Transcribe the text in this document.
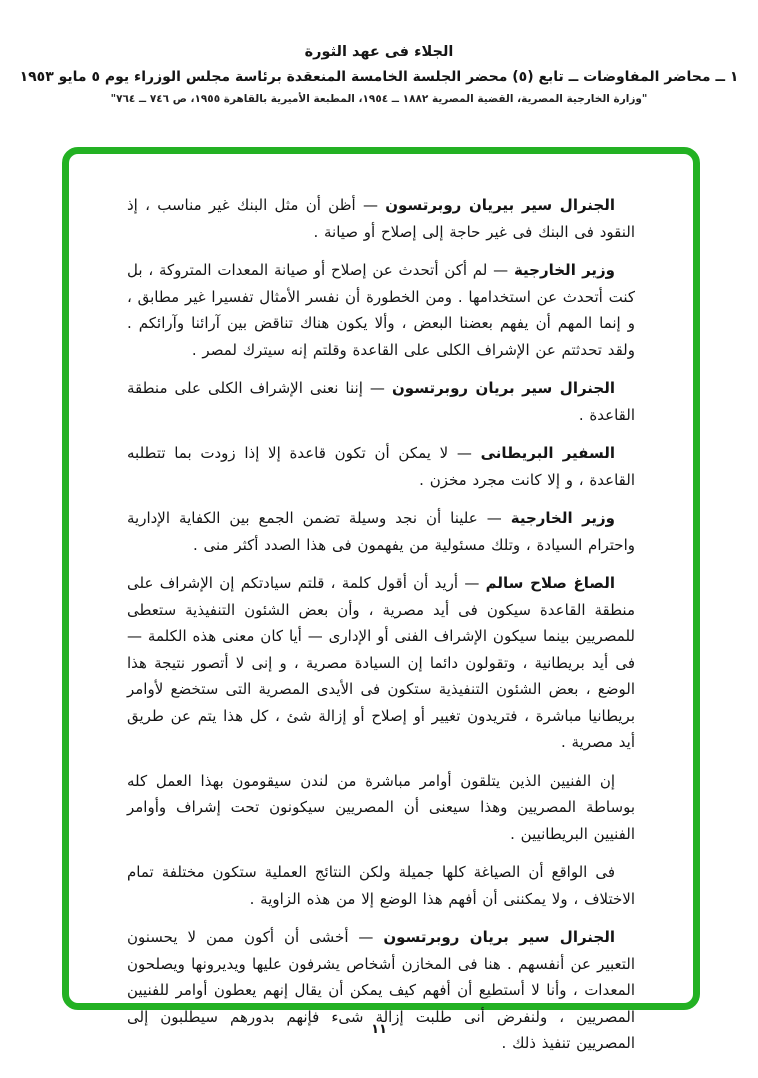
الجلاء فى عهد الثورة

١ ــ محاضر المفاوضات ــ تابع (٥) محضر الجلسة الخامسة المنعقدة برئاسة مجلس الوزراء يوم ٥ مايو ١٩٥٣

"وزارة الخارجية المصرية، القضية المصرية ١٨٨٢ ــ ١٩٥٤، المطبعة الأميرية بالقاهرة ١٩٥٥، ص ٧٤٦ ــ ٧٦٤"

الجنرال سير بيريان روبرتسون — أظن أن مثل البنك غير مناسب ، إذ النقود فى البنك فى غير حاجة إلى إصلاح أو صيانة .

وزير الخارجية — لم أكن أتحدث عن إصلاح أو صيانة المعدات المتروكة ، بل كنت أتحدث عن استخدامها . ومن الخطورة أن نفسر الأمثال تفسيرا غير مطابق ، و إنما المهم أن يفهم بعضنا البعض ، وألا يكون هناك تناقض بين آرائنا وآرائكم . ولقد تحدثتم عن الإشراف الكلى على القاعدة وقلتم إنه سيترك لمصر .

الجنرال سير بريان روبرتسون — إننا نعنى الإشراف الكلى على منطقة القاعدة .

السفير البريطانى — لا يمكن أن تكون قاعدة إلا إذا زودت بما تتطلبه القاعدة ، و إلا كانت مجرد مخزن .

وزير الخارجية — علينا أن نجد وسيلة تضمن الجمع بين الكفاية الإدارية واحترام السيادة ، وتلك مسئولية من يفهمون فى هذا الصدد أكثر منى .

الصاغ صلاح سالم — أريد أن أقول كلمة ، قلتم سيادتكم إن الإشراف على منطقة القاعدة سيكون فى أيد مصرية ، وأن بعض الشئون التنفيذية ستعطى للمصريين بينما سيكون الإشراف الفنى أو الإدارى — أيا كان معنى هذه الكلمة — فى أيد بريطانية ، وتقولون دائما إن السيادة مصرية ، و إنى لا أتصور نتيجة هذا الوضع ، بعض الشئون التنفيذية ستكون فى الأيدى المصرية التى ستخضع لأوامر بريطانيا مباشرة ، فتريدون تغيير أو إصلاح أو إزالة شئ ، كل هذا يتم عن طريق أيد مصرية .

إن الفنيين الذين يتلقون أوامر مباشرة من لندن سيقومون بهذا العمل كله بوساطة المصريين وهذا سيعنى أن المصريين سيكونون تحت إشراف وأوامر الفنيين البريطانيين .

فى الواقع أن الصياغة كلها جميلة ولكن النتائج العملية ستكون مختلفة تمام الاختلاف ، ولا يمكننى أن أفهم هذا الوضع إلا من هذه الزاوية .

الجنرال سير بريان روبرتسون — أخشى أن أكون ممن لا يحسنون التعبير عن أنفسهم . هنا فى المخازن أشخاص يشرفون عليها ويديرونها ويصلحون المعدات ، وأنا لا أستطيع أن أفهم كيف يمكن أن يقال إنهم يعطون أوامر للفنيين المصريين ، ولنفرض أنى طلبت إزالة شىء فإنهم بدورهم سيطلبون إلى المصريين تنفيذ ذلك .

١١
